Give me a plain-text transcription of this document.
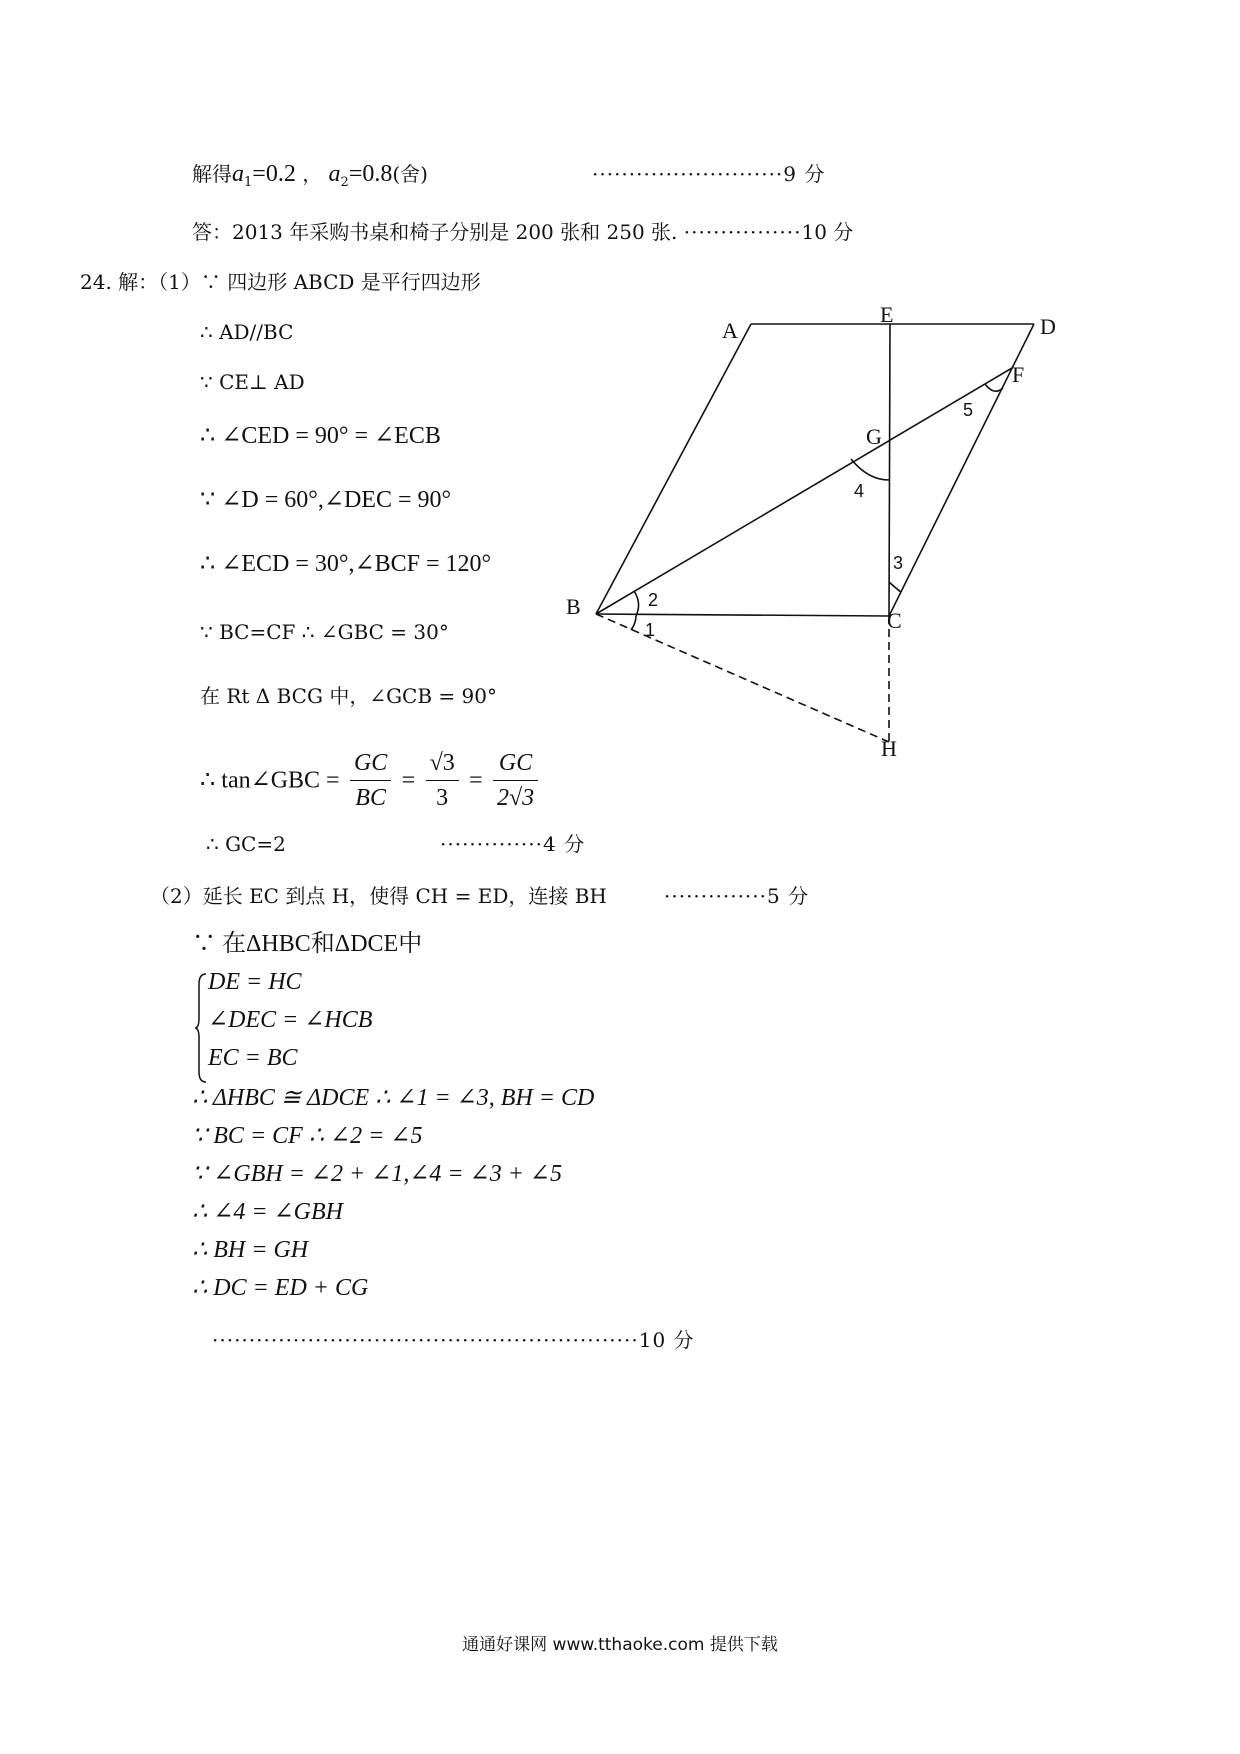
解得$a_1=0.2$ ， $a_2=0.8$(舍)	··························9 分
答：2013 年采购书桌和椅子分别是 200 张和 250 张. ················10 分
24. 解：（1）∵ 四边形 ABCD 是平行四边形
∴ AD//BC
∵ CE⊥ AD
∴ ∠CED = 90° = ∠ECB
∵ ∠D = 60°,∠DEC = 90°
∴ ∠ECD = 30°,∠BCF = 120°
∵ BC=CF ∴ ∠GBC = 30°
在 Rt Δ BCG 中，∠GCB = 90°
∴ tan∠GBC = $\frac{GC}{BC} = \frac{√3}{3} = \frac{GC}{2√3}$
∴ GC=2	··············4 分
（2）延长 EC 到点 H，使得 CH = ED，连接 BH	··············5 分
∵ 在ΔHBC和ΔDCE中
DE = HC
∠DEC = ∠HCB
EC = BC
∴ ΔHBC ≅ ΔDCE ∴ ∠1 = ∠3, BH = CD
∵ BC = CF ∴ ∠2 = ∠5
∵ ∠GBH = ∠2 + ∠1,∠4 = ∠3 + ∠5
∴ ∠4 = ∠GBH
∴ BH = GH
∴ DC = ED + CG
··························································10 分
A
E	D
F
G
B
C
H
1
2
3
4
5
通通好课网 www.tthaoke.com 提供下载
